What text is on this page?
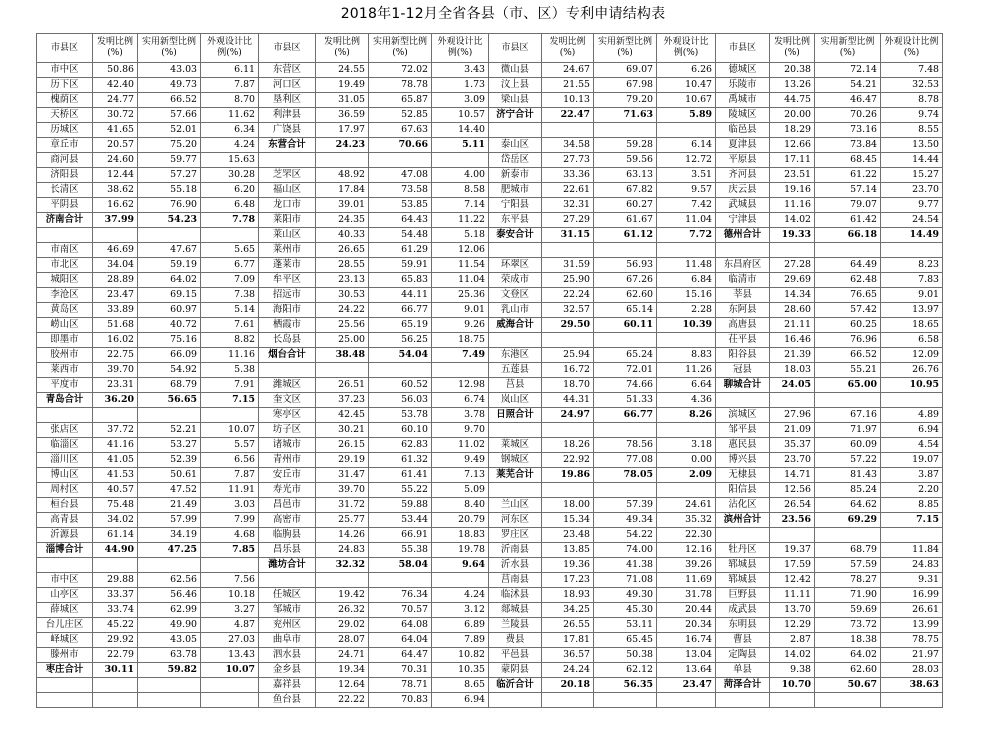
2018年1-12月全省各县（市、区）专利申请结构表
市县区	发明比例(%)	实用新型比例(%)	外观设计比例(%)	市县区	发明比例(%)	实用新型比例(%)	外观设计比例(%)	市县区	发明比例(%)	实用新型比例(%)	外观设计比例(%)	市县区	发明比例(%)	实用新型比例(%)	外观设计比例(%)
市中区	50.86	43.03	6.11	东营区	24.55	72.02	3.43	微山县	24.67	69.07	6.26	德城区	20.38	72.14	7.48
历下区	42.40	49.73	7.87	河口区	19.49	78.78	1.73	汶上县	21.55	67.98	10.47	乐陵市	13.26	54.21	32.53
槐荫区	24.77	66.52	8.70	垦利区	31.05	65.87	3.09	梁山县	10.13	79.20	10.67	禹城市	44.75	46.47	8.78
天桥区	30.72	57.66	11.62	利津县	36.59	52.85	10.57	济宁合计	22.47	71.63	5.89	陵城区	20.00	70.26	9.74
历城区	41.65	52.01	6.34	广饶县	17.97	67.63	14.40					临邑县	18.29	73.16	8.55
章丘市	20.57	75.20	4.24	东营合计	24.23	70.66	5.11	泰山区	34.58	59.28	6.14	夏津县	12.66	73.84	13.50
商河县	24.60	59.77	15.63					岱岳区	27.73	59.56	12.72	平原县	17.11	68.45	14.44
济阳县	12.44	57.27	30.28	芝罘区	48.92	47.08	4.00	新泰市	33.36	63.13	3.51	齐河县	23.51	61.22	15.27
长清区	38.62	55.18	6.20	福山区	17.84	73.58	8.58	肥城市	22.61	67.82	9.57	庆云县	19.16	57.14	23.70
平阴县	16.62	76.90	6.48	龙口市	39.01	53.85	7.14	宁阳县	32.31	60.27	7.42	武城县	11.16	79.07	9.77
济南合计	37.99	54.23	7.78	莱阳市	24.35	64.43	11.22	东平县	27.29	61.67	11.04	宁津县	14.02	61.42	24.54
				莱山区	40.33	54.48	5.18	泰安合计	31.15	61.12	7.72	德州合计	19.33	66.18	14.49
市南区	46.69	47.67	5.65	莱州市	26.65	61.29	12.06								
市北区	34.04	59.19	6.77	蓬莱市	28.55	59.91	11.54	环翠区	31.59	56.93	11.48	东昌府区	27.28	64.49	8.23
城阳区	28.89	64.02	7.09	牟平区	23.13	65.83	11.04	荣成市	25.90	67.26	6.84	临清市	29.69	62.48	7.83
李沧区	23.47	69.15	7.38	招远市	30.53	44.11	25.36	文登区	22.24	62.60	15.16	莘县	14.34	76.65	9.01
黄岛区	33.89	60.97	5.14	海阳市	24.22	66.77	9.01	乳山市	32.57	65.14	2.28	东阿县	28.60	57.42	13.97
崂山区	51.68	40.72	7.61	栖霞市	25.56	65.19	9.26	威海合计	29.50	60.11	10.39	高唐县	21.11	60.25	18.65
即墨市	16.02	75.16	8.82	长岛县	25.00	56.25	18.75					茌平县	16.46	76.96	6.58
胶州市	22.75	66.09	11.16	烟台合计	38.48	54.04	7.49	东港区	25.94	65.24	8.83	阳谷县	21.39	66.52	12.09
莱西市	39.70	54.92	5.38					五莲县	16.72	72.01	11.26	冠县	18.03	55.21	26.76
平度市	23.31	68.79	7.91	潍城区	26.51	60.52	12.98	莒县	18.70	74.66	6.64	聊城合计	24.05	65.00	10.95
青岛合计	36.20	56.65	7.15	奎文区	37.23	56.03	6.74	岚山区	44.31	51.33	4.36				
				寒亭区	42.45	53.78	3.78	日照合计	24.97	66.77	8.26	滨城区	27.96	67.16	4.89
张店区	37.72	52.21	10.07	坊子区	30.21	60.10	9.70					邹平县	21.09	71.97	6.94
临淄区	41.16	53.27	5.57	诸城市	26.15	62.83	11.02	莱城区	18.26	78.56	3.18	惠民县	35.37	60.09	4.54
淄川区	41.05	52.39	6.56	青州市	29.19	61.32	9.49	钢城区	22.92	77.08	0.00	博兴县	23.70	57.22	19.07
博山区	41.53	50.61	7.87	安丘市	31.47	61.41	7.13	莱芜合计	19.86	78.05	2.09	无棣县	14.71	81.43	3.87
周村区	40.57	47.52	11.91	寿光市	39.70	55.22	5.09					阳信县	12.56	85.24	2.20
桓台县	75.48	21.49	3.03	昌邑市	31.72	59.88	8.40	兰山区	18.00	57.39	24.61	沾化区	26.54	64.62	8.85
高青县	34.02	57.99	7.99	高密市	25.77	53.44	20.79	河东区	15.34	49.34	35.32	滨州合计	23.56	69.29	7.15
沂源县	61.14	34.19	4.68	临朐县	14.26	66.91	18.83	罗庄区	23.48	54.22	22.30				
淄博合计	44.90	47.25	7.85	昌乐县	24.83	55.38	19.78	沂南县	13.85	74.00	12.16	牡丹区	19.37	68.79	11.84
				潍坊合计	32.32	58.04	9.64	沂水县	19.36	41.38	39.26	郓城县	17.59	57.59	24.83
市中区	29.88	62.56	7.56					莒南县	17.23	71.08	11.69	郓城县	12.42	78.27	9.31
山亭区	33.37	56.46	10.18	任城区	19.42	76.34	4.24	临沭县	18.93	49.30	31.78	巨野县	11.11	71.90	16.99
薛城区	33.74	62.99	3.27	邹城市	26.32	70.57	3.12	郯城县	34.25	45.30	20.44	成武县	13.70	59.69	26.61
台儿庄区	45.22	49.90	4.87	兖州区	29.02	64.08	6.89	兰陵县	26.55	53.11	20.34	东明县	12.29	73.72	13.99
峄城区	29.92	43.05	27.03	曲阜市	28.07	64.04	7.89	费县	17.81	65.45	16.74	曹县	2.87	18.38	78.75
滕州市	22.79	63.78	13.43	泗水县	24.71	64.47	10.82	平邑县	36.57	50.38	13.04	定陶县	14.02	64.02	21.97
枣庄合计	30.11	59.82	10.07	金乡县	19.34	70.31	10.35	蒙阴县	24.24	62.12	13.64	单县	9.38	62.60	28.03
				嘉祥县	12.64	78.71	8.65	临沂合计	20.18	56.35	23.47	菏泽合计	10.70	50.67	38.63
				鱼台县	22.22	70.83	6.94								
